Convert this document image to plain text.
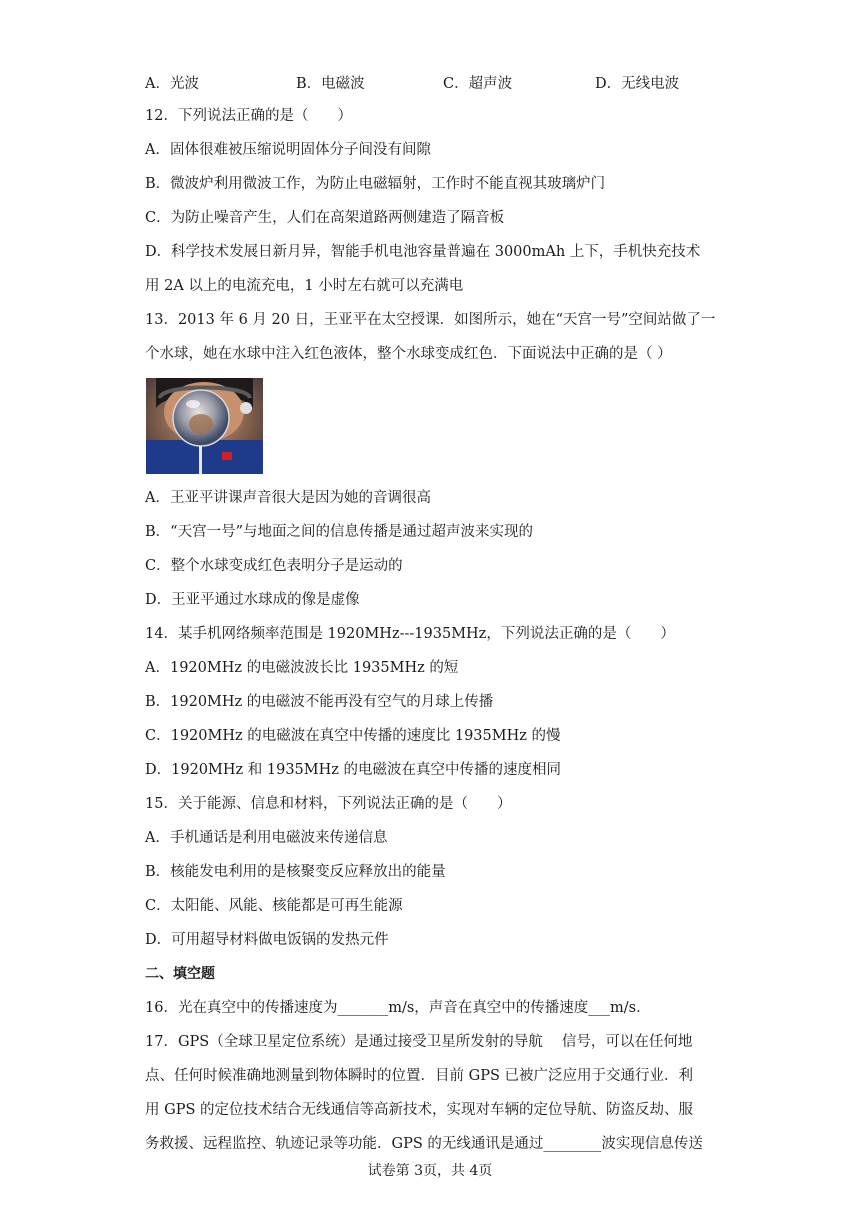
A．光波	B．电磁波	C．超声波	D．无线电波
12．下列说法正确的是（　　）
A．固体很难被压缩说明固体分子间没有间隙
B．微波炉利用微波工作，为防止电磁辐射，工作时不能直视其玻璃炉门
C．为防止噪音产生，人们在高架道路两侧建造了隔音板
D．科学技术发展日新月异，智能手机电池容量普遍在 3000mAh 上下，手机快充技术
用 2A 以上的电流充电，1 小时左右就可以充满电
13．2013 年 6 月 20 日，王亚平在太空授课．如图所示，她在“天宫一号”空间站做了一
个水球，她在水球中注入红色液体，整个水球变成红色．下面说法中正确的是（ ）
A．王亚平讲课声音很大是因为她的音调很高
B．“天宫一号”与地面之间的信息传播是通过超声波来实现的
C．整个水球变成红色表明分子是运动的
D．王亚平通过水球成的像是虚像
14．某手机网络频率范围是 1920MHz---1935MHz，下列说法正确的是（　　）
A．1920MHz 的电磁波波长比 1935MHz 的短
B．1920MHz 的电磁波不能再没有空气的月球上传播
C．1920MHz 的电磁波在真空中传播的速度比 1935MHz 的慢
D．1920MHz 和 1935MHz 的电磁波在真空中传播的速度相同
15．关于能源、信息和材料，下列说法正确的是（　　）
A．手机通话是利用电磁波来传递信息
B．核能发电利用的是核聚变反应释放出的能量
C．太阳能、风能、核能都是可再生能源
D．可用超导材料做电饭锅的发热元件
二、填空题
16．光在真空中的传播速度为_______m/s，声音在真空中的传播速度___m/s．
17．GPS（全球卫星定位系统）是通过接受卫星所发射的导航　 信号，可以在任何地
点、任何时候准确地测量到物体瞬时的位置．目前 GPS 已被广泛应用于交通行业．利
用 GPS 的定位技术结合无线通信等高新技术，实现对车辆的定位导航、防盗反劫、服
务救援、远程监控、轨迹记录等功能．GPS 的无线通讯是通过________波实现信息传送
试卷第 3页，共 4页
